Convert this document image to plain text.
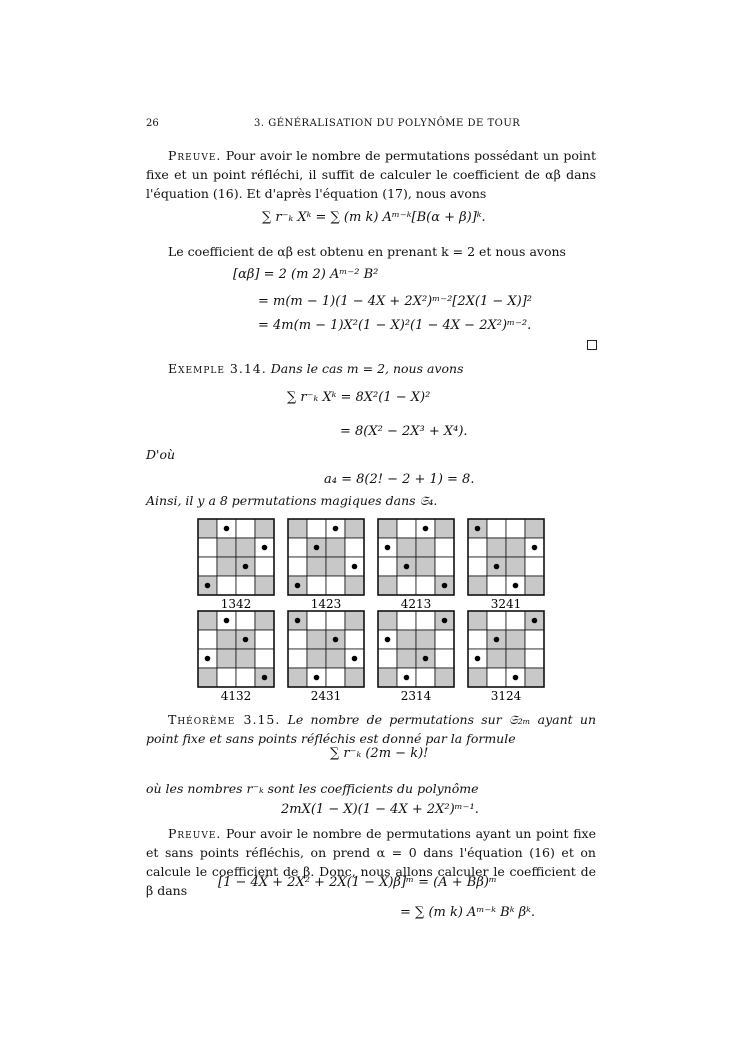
26	3. GÉNÉRALISATION DU POLYNÔME DE TOUR
Preuve. Pour avoir le nombre de permutations possédant un point fixe et un point réfléchi, il suffit de calculer le coefficient de αβ dans l'équation (16). Et d'après l'équation (17), nous avons
∑ r⁻ₖ Xᵏ = ∑ (m k) Aᵐ⁻ᵏ[B(α + β)]ᵏ.
Le coefficient de αβ est obtenu en prenant k = 2 et nous avons
[αβ] = 2 (m 2) Aᵐ⁻² B²
= m(m − 1)(1 − 4X + 2X²)ᵐ⁻²[2X(1 − X)]²
= 4m(m − 1)X²(1 − X)²(1 − 4X − 2X²)ᵐ⁻².
Exemple 3.14. Dans le cas m = 2, nous avons
∑ r⁻ₖ Xᵏ = 8X²(1 − X)²
= 8(X² − 2X³ + X⁴).
D'où
a₄ = 8(2! − 2 + 1) = 8.
Ainsi, il y a 8 permutations magiques dans 𝔖₄.
1342	1423	4213	3241
4132	2431	2314	3124
Théorème 3.15. Le nombre de permutations sur 𝔖₂ₘ ayant un point fixe et sans points réfléchis est donné par la formule
∑ r⁻ₖ (2m − k)!
où les nombres r⁻ₖ sont les coefficients du polynôme
2mX(1 − X)(1 − 4X + 2X²)ᵐ⁻¹.
Preuve. Pour avoir le nombre de permutations ayant un point fixe et sans points réfléchis, on prend α = 0 dans l'équation (16) et on calcule le coefficient de β. Donc, nous allons calculer le coefficient de β dans
[1 − 4X + 2X² + 2X(1 − X)β]ᵐ = (A + Bβ)ᵐ
= ∑ (m k) Aᵐ⁻ᵏ Bᵏ βᵏ.
